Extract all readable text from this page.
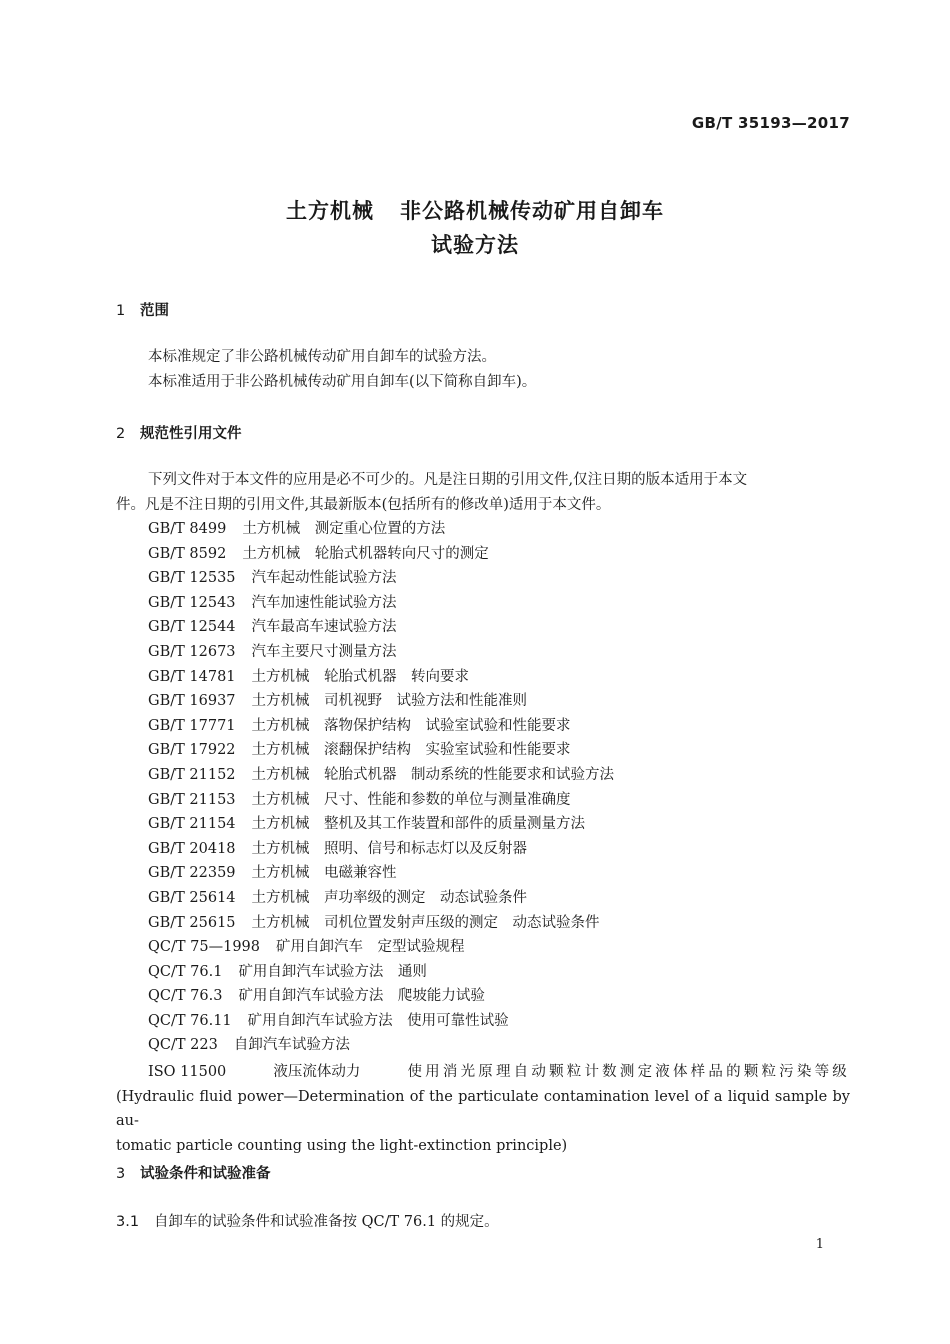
GB/T 35193—2017
土方机械 非公路机械传动矿用自卸车
试验方法
1 范围
本标准规定了非公路机械传动矿用自卸车的试验方法。
本标准适用于非公路机械传动矿用自卸车(以下简称自卸车)。
2 规范性引用文件
下列文件对于本文件的应用是必不可少的。凡是注日期的引用文件,仅注日期的版本适用于本文
件。凡是不注日期的引用文件,其最新版本(包括所有的修改单)适用于本文件。
GB/T 8499 土方机械　测定重心位置的方法
GB/T 8592 土方机械　轮胎式机器转向尺寸的测定
GB/T 12535 汽车起动性能试验方法
GB/T 12543 汽车加速性能试验方法
GB/T 12544 汽车最高车速试验方法
GB/T 12673 汽车主要尺寸测量方法
GB/T 14781 土方机械　轮胎式机器　转向要求
GB/T 16937 土方机械　司机视野　试验方法和性能准则
GB/T 17771 土方机械　落物保护结构　试验室试验和性能要求
GB/T 17922 土方机械　滚翻保护结构　实验室试验和性能要求
GB/T 21152 土方机械　轮胎式机器　制动系统的性能要求和试验方法
GB/T 21153 土方机械　尺寸、性能和参数的单位与测量准确度
GB/T 21154 土方机械　整机及其工作装置和部件的质量测量方法
GB/T 20418 土方机械　照明、信号和标志灯以及反射器
GB/T 22359 土方机械　电磁兼容性
GB/T 25614 土方机械　声功率级的测定　动态试验条件
GB/T 25615 土方机械　司机位置发射声压级的测定　动态试验条件
QC/T 75—1998 矿用自卸汽车　定型试验规程
QC/T 76.1 矿用自卸汽车试验方法　通则
QC/T 76.3 矿用自卸汽车试验方法　爬坡能力试验
QC/T 76.11 矿用自卸汽车试验方法　使用可靠性试验
QC/T 223 自卸汽车试验方法
ISO 11500	液压流体动力	使用消光原理自动颗粒计数测定液体样品的颗粒污染等级
(Hydraulic fluid power—Determination of the particulate contamination level of a liquid sample by au-
tomatic particle counting using the light-extinction principle)
3 试验条件和试验准备
3.1 自卸车的试验条件和试验准备按 QC/T 76.1 的规定。
1
